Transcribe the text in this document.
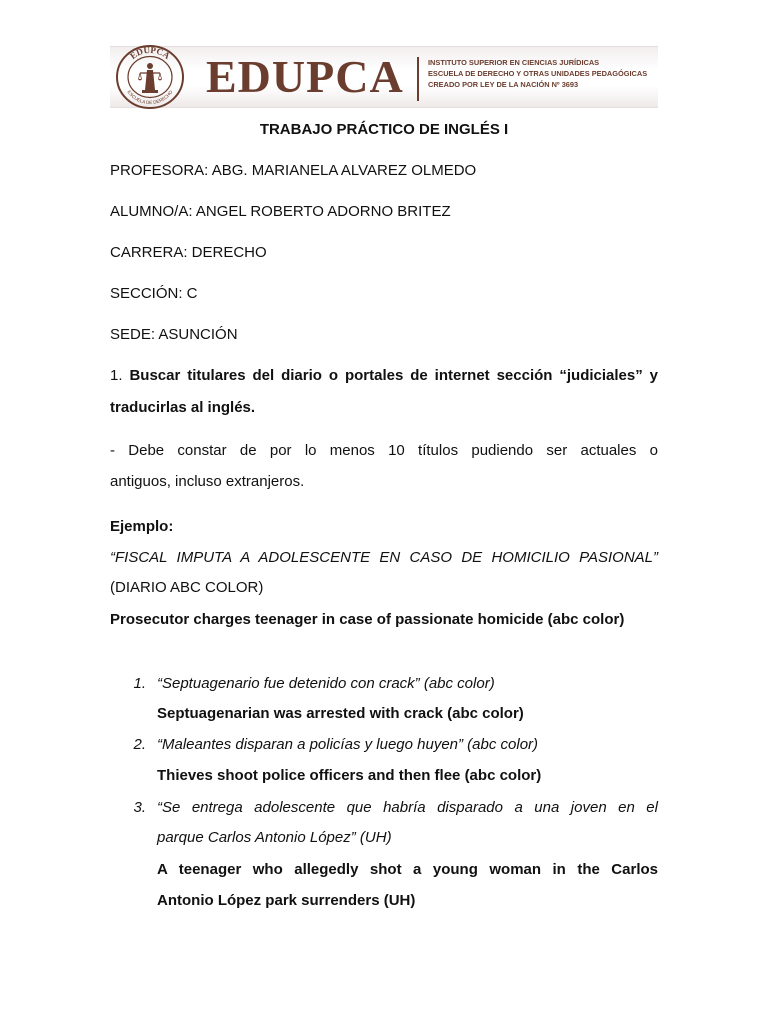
EDUPCA
ESCUELA DE DERECHO EDUPCA	INSTITUTO SUPERIOR EN CIENCIAS JURÍDICAS
ESCUELA DE DERECHO Y OTRAS UNIDADES PEDAGÓGICAS
CREADO POR LEY DE LA NACIÓN Nº 3693
TRABAJO PRÁCTICO DE INGLÉS I
PROFESORA: ABG. MARIANELA ALVAREZ OLMEDO
ALUMNO/A: ANGEL ROBERTO ADORNO BRITEZ
CARRERA: DERECHO
SECCIÓN: C
SEDE: ASUNCIÓN
1. Buscar titulares del diario o portales de internet sección “judiciales” y
traducirlas al inglés.
- Debe constar de por lo menos 10 títulos pudiendo ser actuales o
antiguos, incluso extranjeros.
Ejemplo:
“FISCAL IMPUTA A ADOLESCENTE EN CASO DE HOMICILIO PASIONAL”
(DIARIO ABC COLOR)
Prosecutor charges teenager in case of passionate homicide (abc color)
1. “Septuagenario fue detenido con crack” (abc color)
Septuagenarian was arrested with crack (abc color)
2. “Maleantes disparan a policías y luego huyen” (abc color)
Thieves shoot police officers and then flee (abc color)
3. “Se entrega adolescente que habría disparado a una joven en el
parque Carlos Antonio López” (UH)
A teenager who allegedly shot a young woman in the Carlos
Antonio López park surrenders (UH)
